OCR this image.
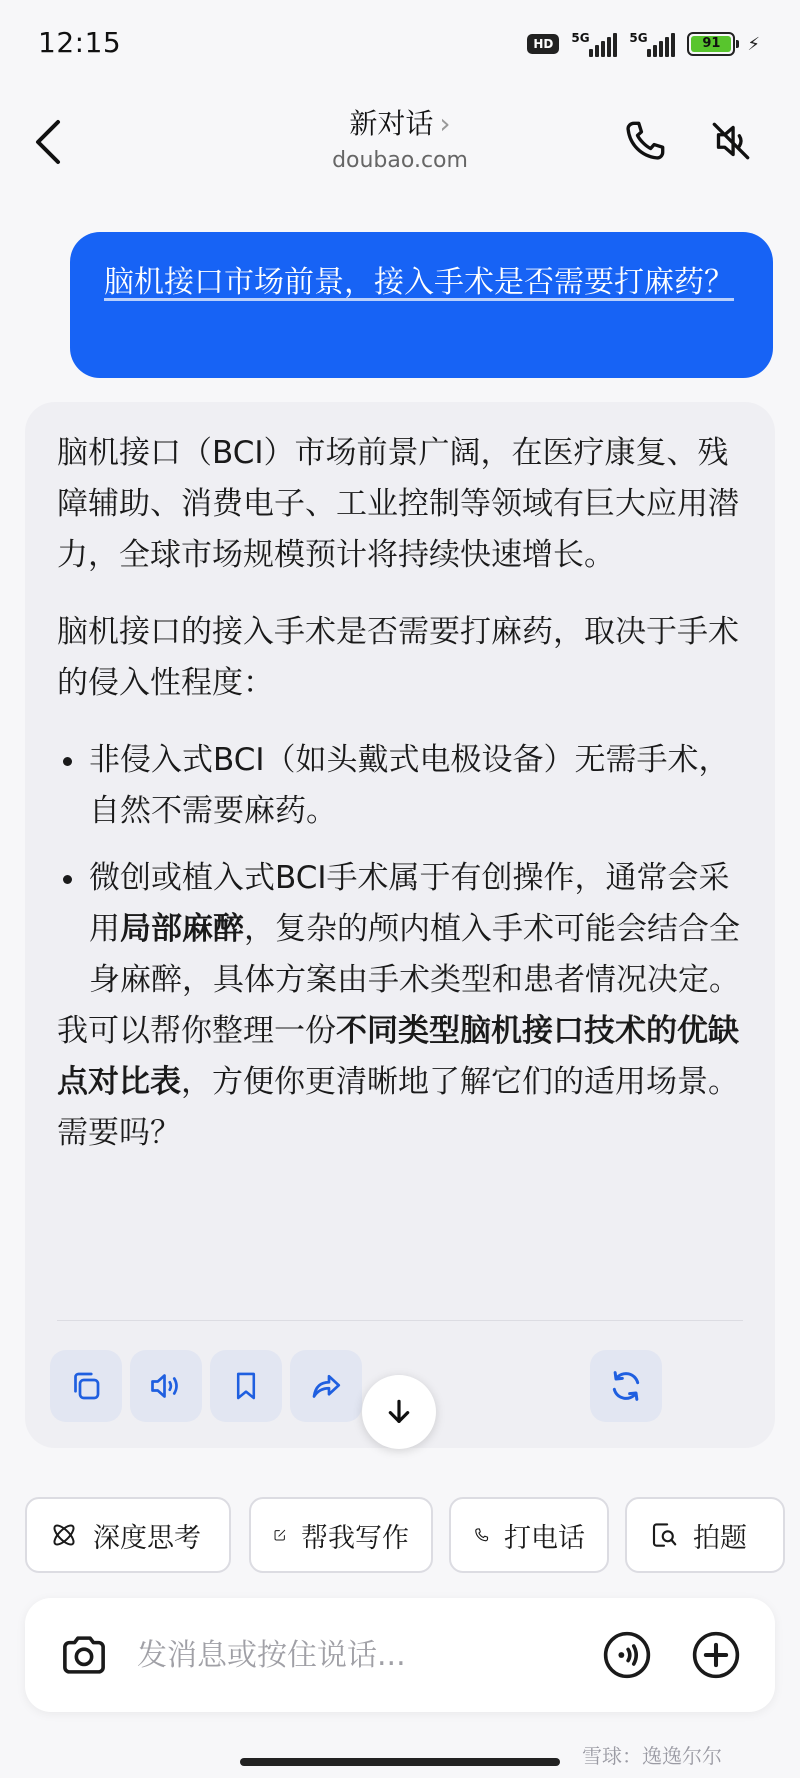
12:15	HD	5G	5G	91	⚡
新对话 ›
doubao.com
脑机接口市场前景，接入手术是否需要打麻药？

脑机接口（BCI）市场前景广阔，在医疗康复、残障辅助、消费电子、工业控制等领域有巨大应用潜力，全球市场规模预计将持续快速增长。

脑机接口的接入手术是否需要打麻药，取决于手术的侵入性程度：

非侵入式BCI（如头戴式电极设备）无需手术，自然不需要麻药。
微创或植入式BCI手术属于有创操作，通常会采用局部麻醉，复杂的颅内植入手术可能会结合全身麻醉，具体方案由手术类型和患者情况决定。

我可以帮你整理一份不同类型脑机接口技术的优缺点对比表，方便你更清晰地了解它们的适用场景。需要吗？

深度思考	帮我写作	打电话	拍题
发消息或按住说话...
雪球：逸逸尔尔
